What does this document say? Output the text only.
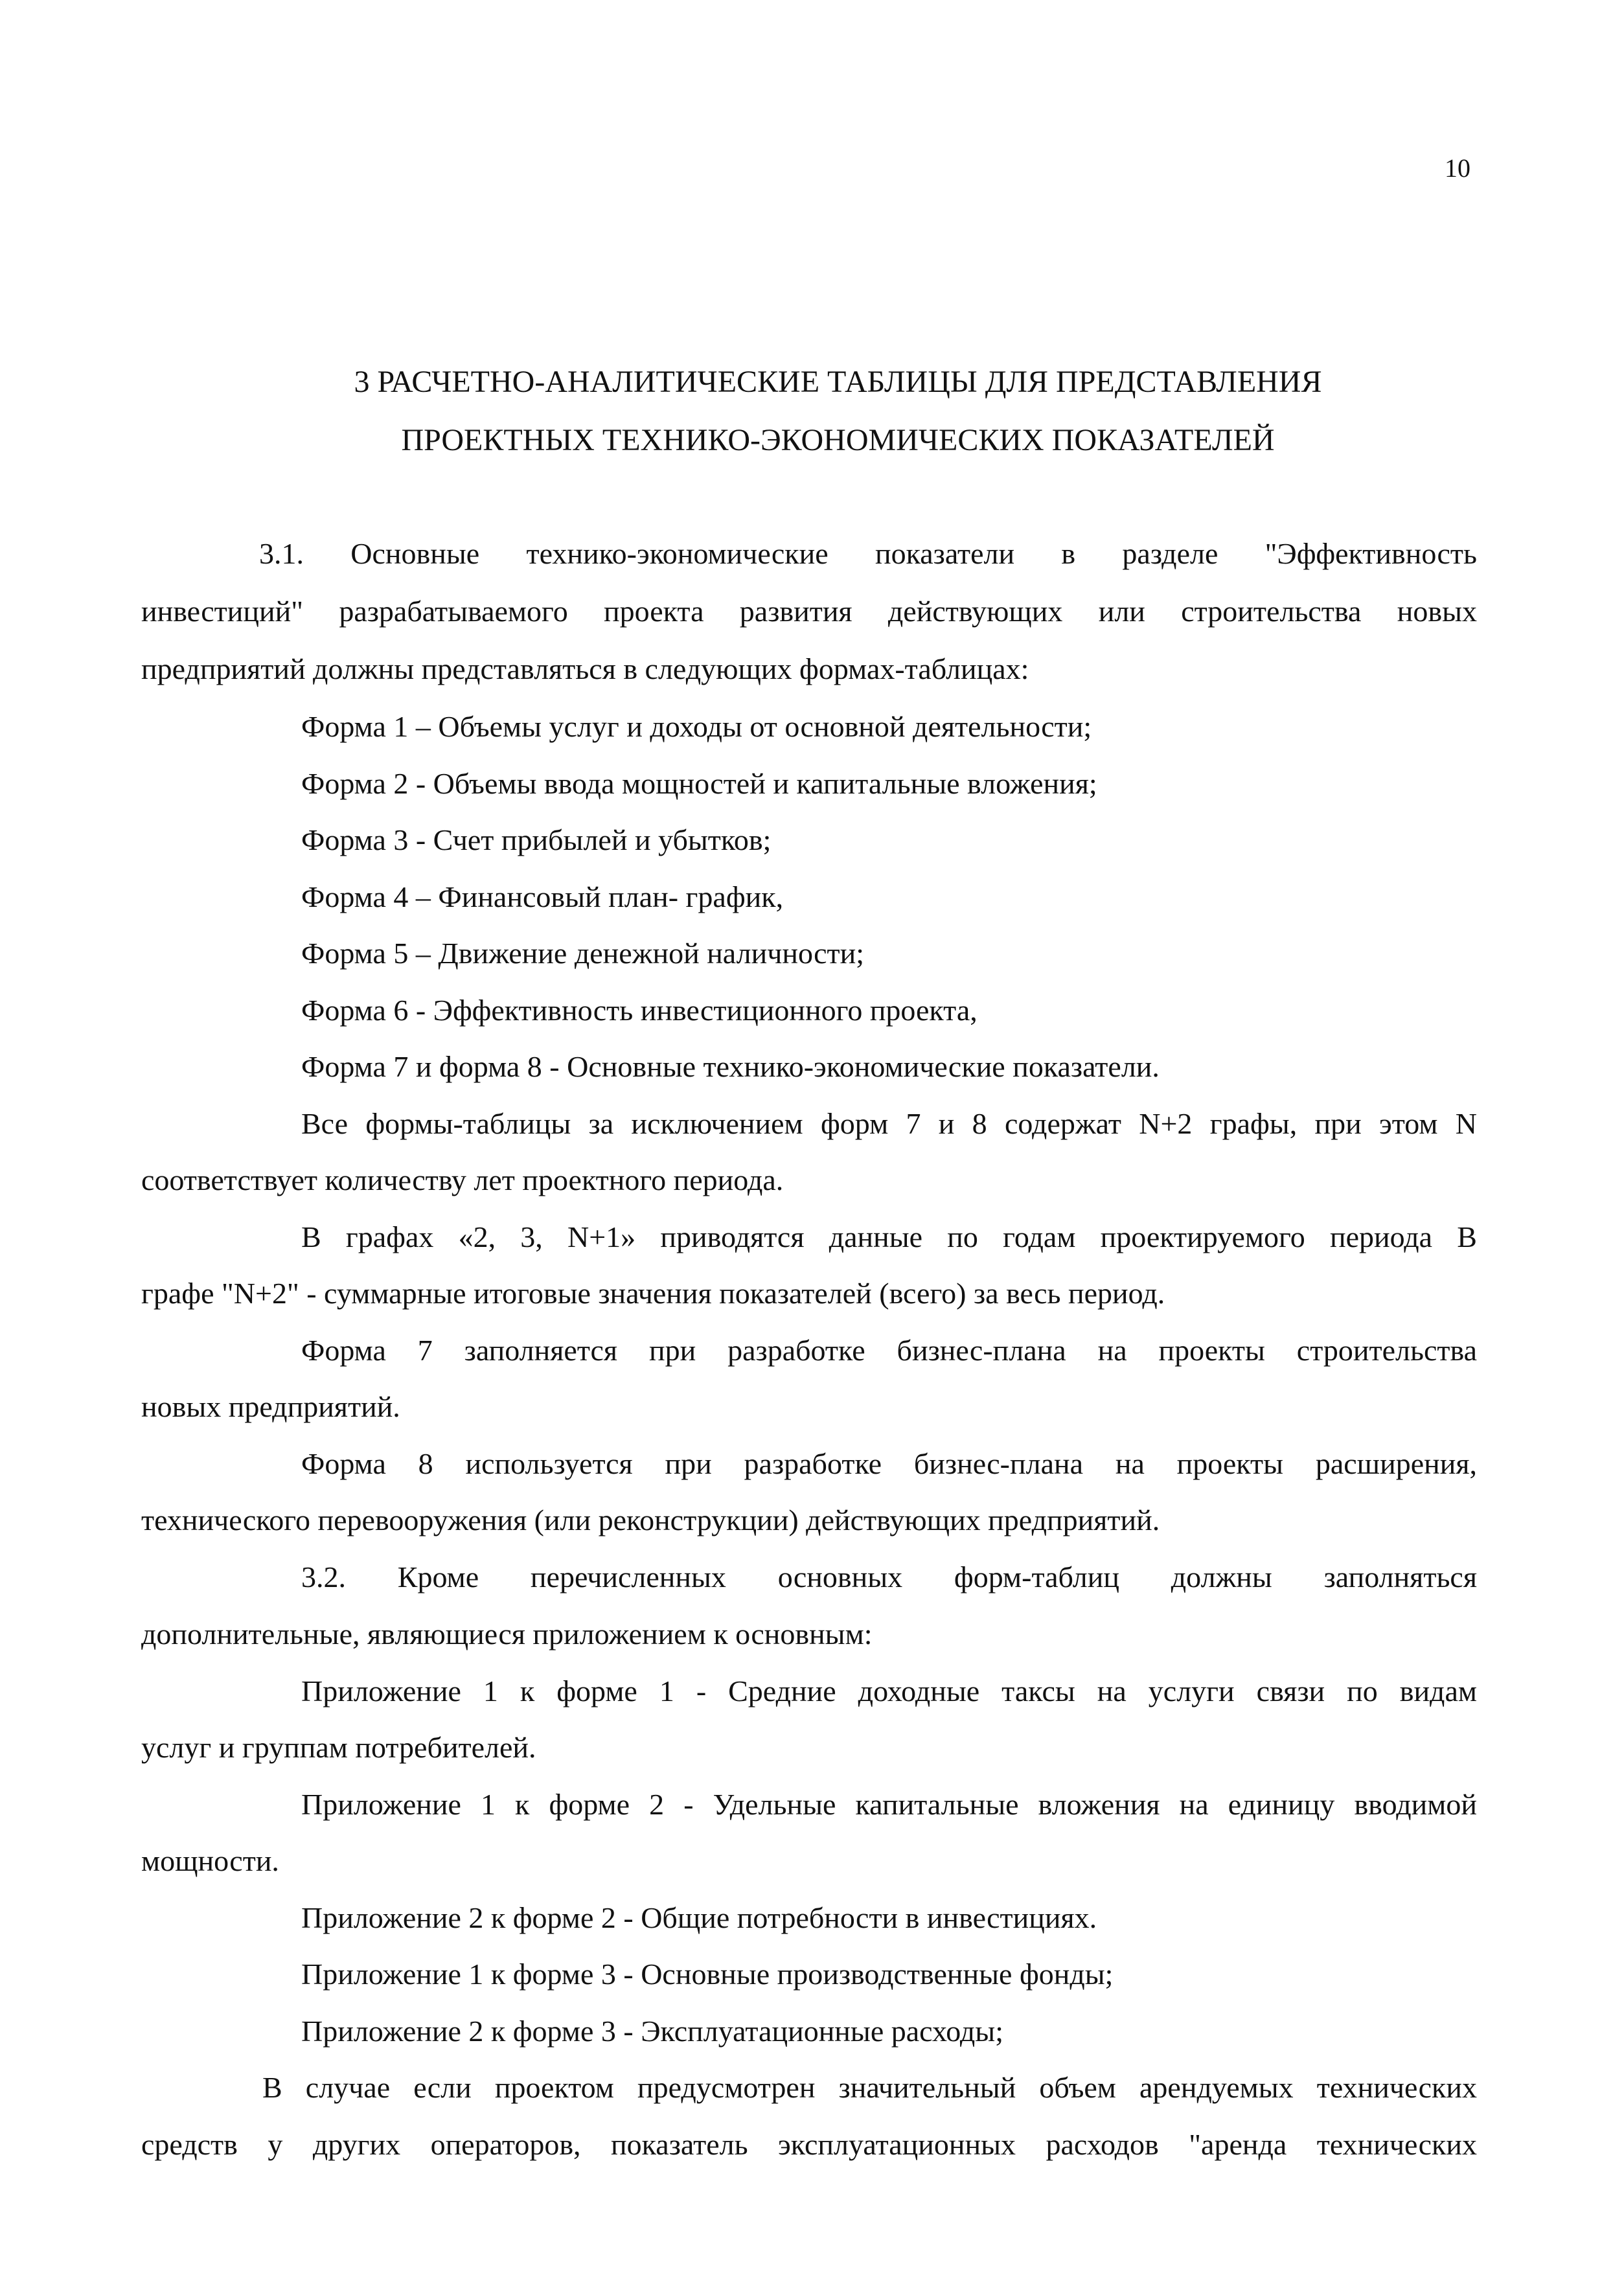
10
3 РАСЧЕТНО-АНАЛИТИЧЕСКИЕ ТАБЛИЦЫ ДЛЯ ПРЕДСТАВЛЕНИЯ
ПРОЕКТНЫХ ТЕХНИКО-ЭКОНОМИЧЕСКИХ ПОКАЗАТЕЛЕЙ
3.1. Основные технико-экономические показатели в разделе "Эффективность
инвестиций" разрабатываемого проекта развития действующих или строительства новых
предприятий должны представляться в следующих формах-таблицах:
Форма 1 – Объемы услуг и доходы от основной деятельности;
Форма 2 - Объемы ввода мощностей и капитальные вложения;
Форма 3 - Счет прибылей и убытков;
Форма 4 – Финансовый план- график,
Форма 5 – Движение денежной наличности;
Форма 6 - Эффективность инвестиционного проекта,
Форма 7 и форма 8 - Основные технико-экономические показатели.
Все формы-таблицы за исключением форм 7 и 8 содержат N+2 графы, при этом N
соответствует количеству лет проектного периода.
В графах «2, 3, N+1» приводятся данные по годам проектируемого периода В
графе "N+2" - суммарные итоговые значения показателей (всего) за весь период.
Форма 7 заполняется при разработке бизнес-плана на проекты строительства
новых предприятий.
Форма 8 используется при разработке бизнес-плана на проекты расширения,
технического перевооружения (или реконструкции) действующих предприятий.
3.2. Кроме перечисленных основных форм-таблиц должны заполняться
дополнительные, являющиеся приложением к основным:
Приложение 1 к форме 1 - Средние доходные таксы на услуги связи по видам
услуг и группам потребителей.
Приложение 1 к форме 2 - Удельные капитальные вложения на единицу вводимой
мощности.
Приложение 2 к форме 2 - Общие потребности в инвестициях.
Приложение 1 к форме 3 - Основные производственные фонды;
Приложение 2 к форме 3 - Эксплуатационные расходы;
В случае если проектом предусмотрен значительный объем арендуемых технических
средств у других операторов, показатель эксплуатационных расходов "аренда технических
